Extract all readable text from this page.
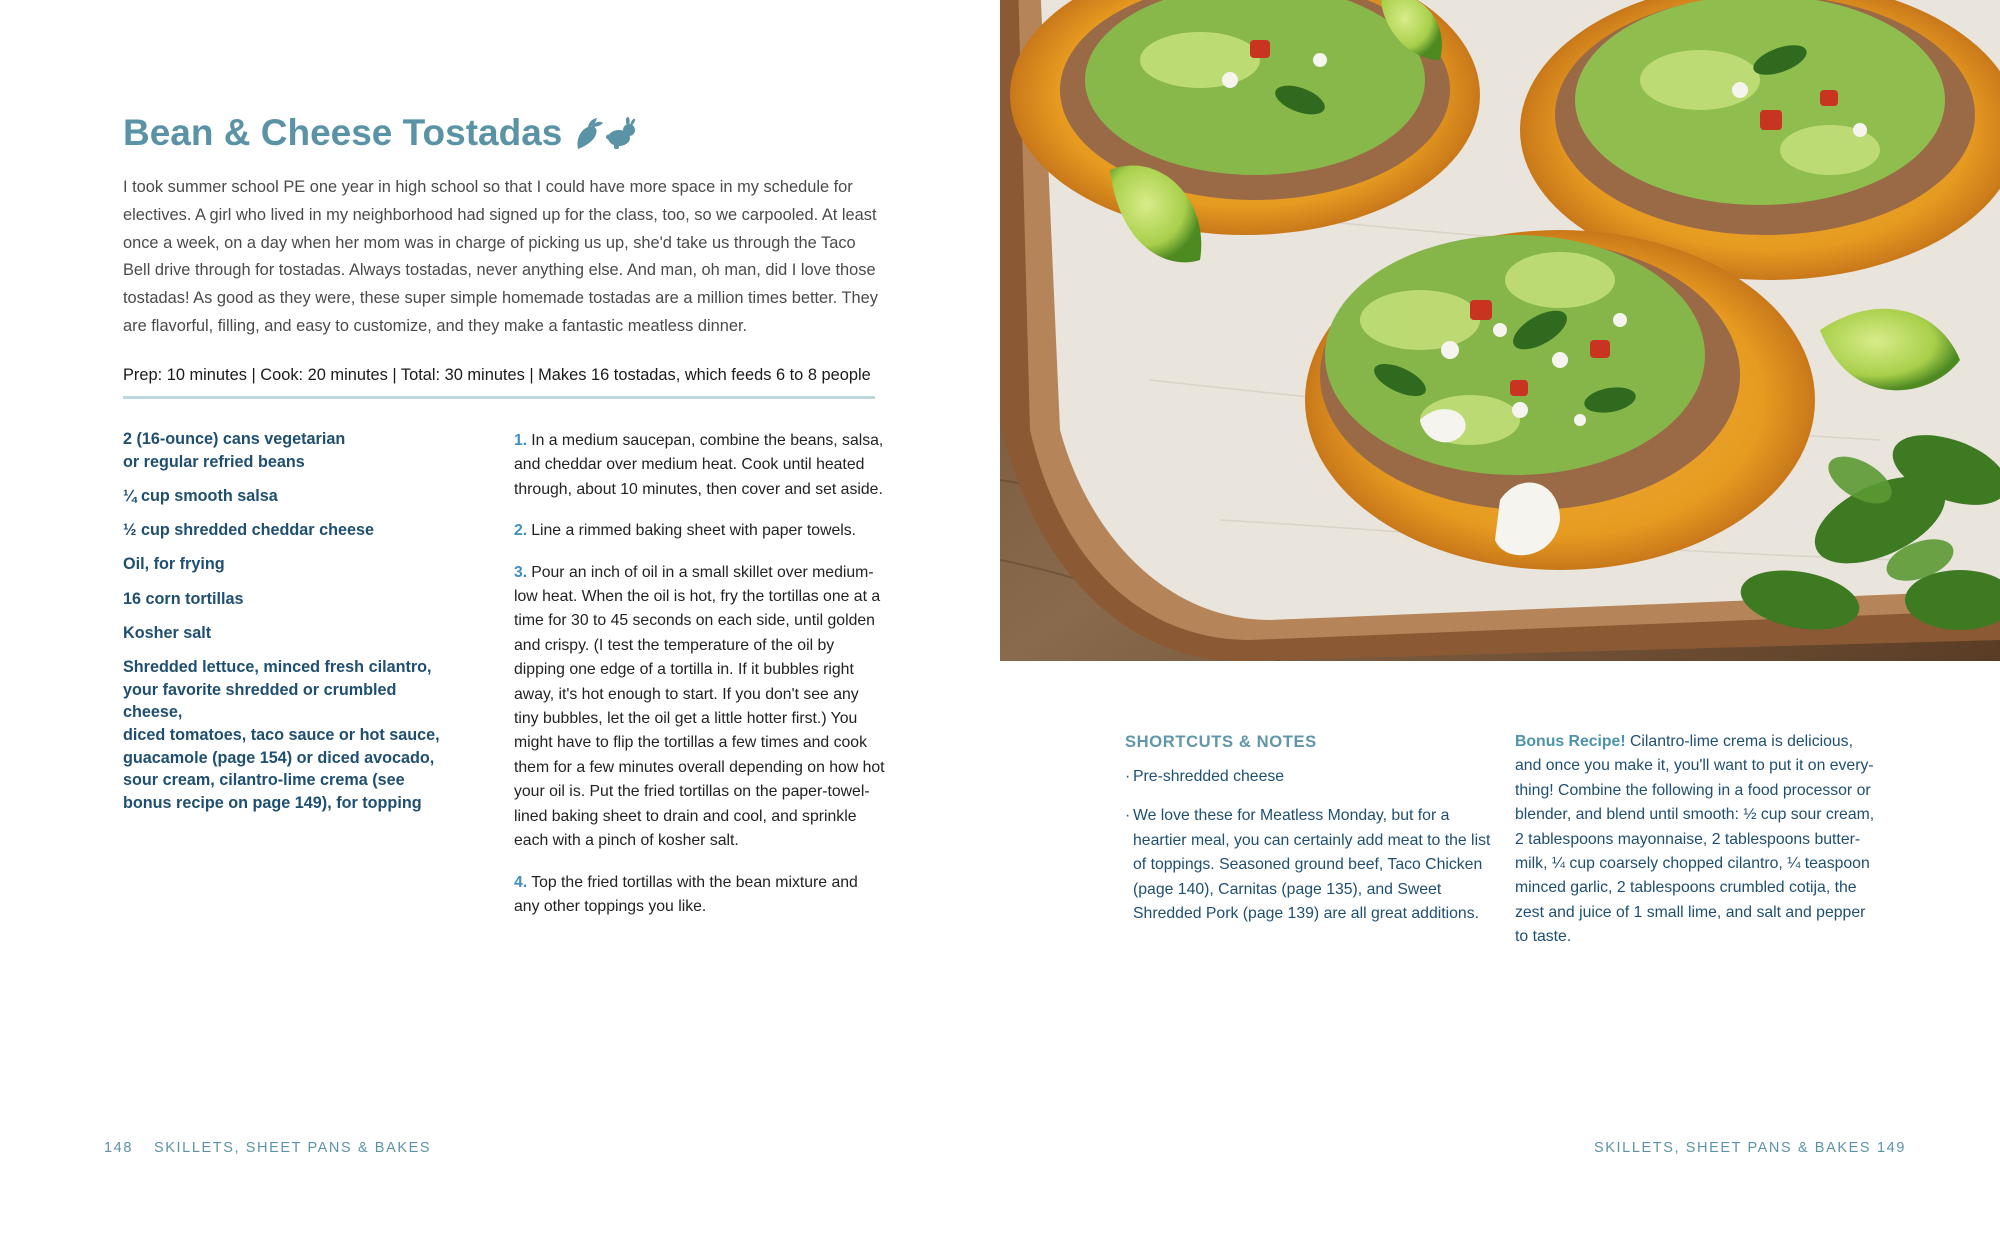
Bean & Cheese Tostadas
I took summer school PE one year in high school so that I could have more space in my schedule for electives. A girl who lived in my neighborhood had signed up for the class, too, so we carpooled. At least once a week, on a day when her mom was in charge of picking us up, she'd take us through the Taco Bell drive through for tostadas. Always tostadas, never anything else. And man, oh man, did I love those tostadas! As good as they were, these super simple homemade tostadas are a million times better. They are flavorful, filling, and easy to customize, and they make a fantastic meatless dinner.
Prep: 10 minutes | Cook: 20 minutes | Total: 30 minutes | Makes 16 tostadas, which feeds 6 to 8 people
2 (16-ounce) cans vegetarian
or regular refried beans
¼ cup smooth salsa
½ cup shredded cheddar cheese
Oil, for frying
16 corn tortillas
Kosher salt
Shredded lettuce, minced fresh cilantro,
your favorite shredded or crumbled cheese,
diced tomatoes, taco sauce or hot sauce,
guacamole (page 154) or diced avocado,
sour cream, cilantro-lime crema (see
bonus recipe on page 149), for topping
1. In a medium saucepan, combine the beans, salsa, and cheddar over medium heat. Cook until heated through, about 10 minutes, then cover and set aside.
2. Line a rimmed baking sheet with paper towels.
3. Pour an inch of oil in a small skillet over medium-low heat. When the oil is hot, fry the tortillas one at a time for 30 to 45 seconds on each side, until golden and crispy. (I test the temperature of the oil by dipping one edge of a tortilla in. If it bubbles right away, it's hot enough to start. If you don't see any tiny bubbles, let the oil get a little hotter first.) You might have to flip the tortillas a few times and cook them for a few minutes overall depending on how hot your oil is. Put the fried tortillas on the paper-towel-lined baking sheet to drain and cool, and sprinkle each with a pinch of kosher salt.
4. Top the fried tortillas with the bean mixture and any other toppings you like.
148 SKILLETS, SHEET PANS & BAKES
SHORTCUTS & NOTES
· Pre-shredded cheese
· We love these for Meatless Monday, but for a heartier meal, you can certainly add meat to the list of toppings. Seasoned ground beef, Taco Chicken (page 140), Carnitas (page 135), and Sweet Shredded Pork (page 139) are all great additions.
Bonus Recipe! Cilantro-lime crema is delicious, and once you make it, you'll want to put it on every-thing! Combine the following in a food processor or blender, and blend until smooth: ½ cup sour cream, 2 tablespoons mayonnaise, 2 tablespoons butter-milk, ¼ cup coarsely chopped cilantro, ¼ teaspoon minced garlic, 2 tablespoons crumbled cotija, the zest and juice of 1 small lime, and salt and pepper to taste.
SKILLETS, SHEET PANS & BAKES 149
